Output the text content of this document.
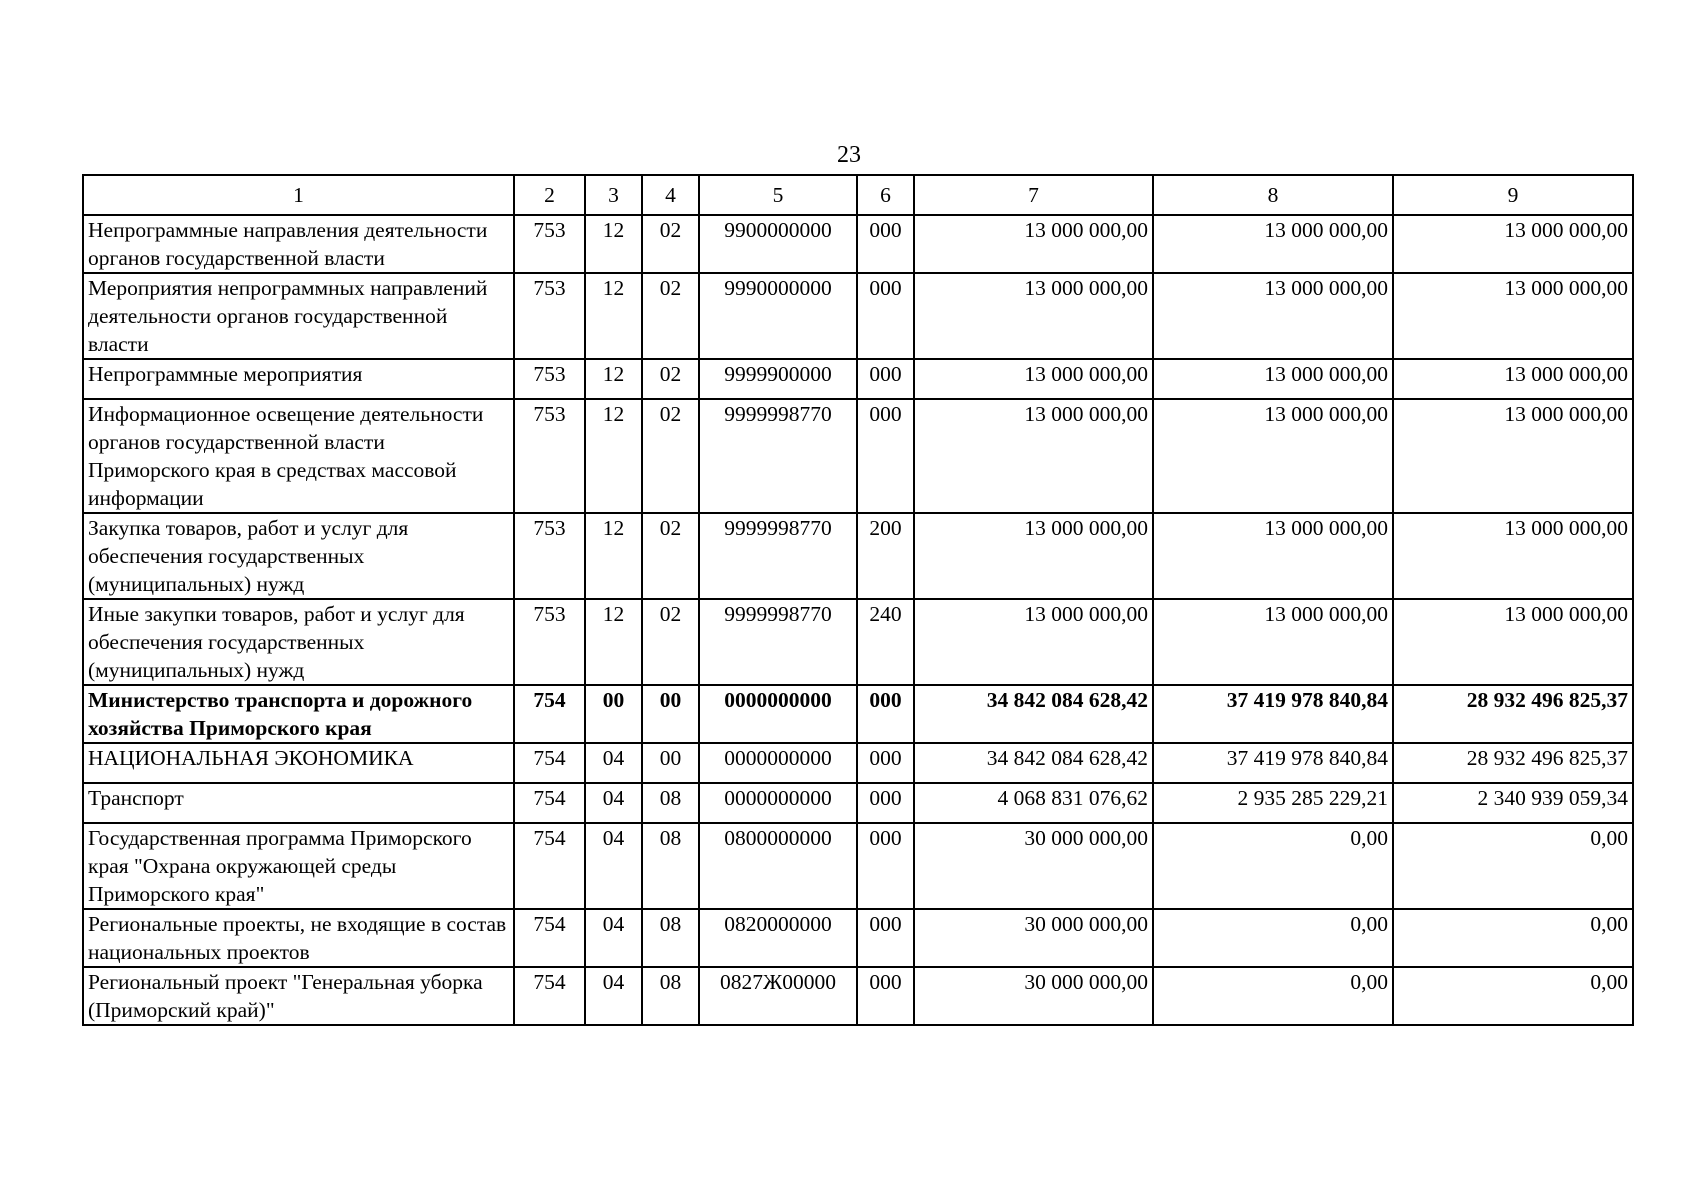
23
1	2	3	4	5	6	7	8	9
Непрограммные направления деятельности органов государственной власти	753	12	02	9900000000	000	13 000 000,00	13 000 000,00	13 000 000,00
Мероприятия непрограммных направлений деятельности органов государственной власти	753	12	02	9990000000	000	13 000 000,00	13 000 000,00	13 000 000,00
Непрограммные мероприятия	753	12	02	9999900000	000	13 000 000,00	13 000 000,00	13 000 000,00
Информационное освещение деятельности органов государственной власти Приморского края в средствах массовой информации	753	12	02	9999998770	000	13 000 000,00	13 000 000,00	13 000 000,00
Закупка товаров, работ и услуг для обеспечения государственных (муниципальных) нужд	753	12	02	9999998770	200	13 000 000,00	13 000 000,00	13 000 000,00
Иные закупки товаров, работ и услуг для обеспечения государственных (муниципальных) нужд	753	12	02	9999998770	240	13 000 000,00	13 000 000,00	13 000 000,00
Министерство транспорта и дорожного хозяйства Приморского края	754	00	00	0000000000	000	34 842 084 628,42	37 419 978 840,84	28 932 496 825,37
НАЦИОНАЛЬНАЯ ЭКОНОМИКА	754	04	00	0000000000	000	34 842 084 628,42	37 419 978 840,84	28 932 496 825,37
Транспорт	754	04	08	0000000000	000	4 068 831 076,62	2 935 285 229,21	2 340 939 059,34
Государственная программа Приморского края "Охрана окружающей среды Приморского края"	754	04	08	0800000000	000	30 000 000,00	0,00	0,00
Региональные проекты, не входящие в состав национальных проектов	754	04	08	0820000000	000	30 000 000,00	0,00	0,00
Региональный проект "Генеральная уборка (Приморский край)"	754	04	08	0827Ж00000	000	30 000 000,00	0,00	0,00
